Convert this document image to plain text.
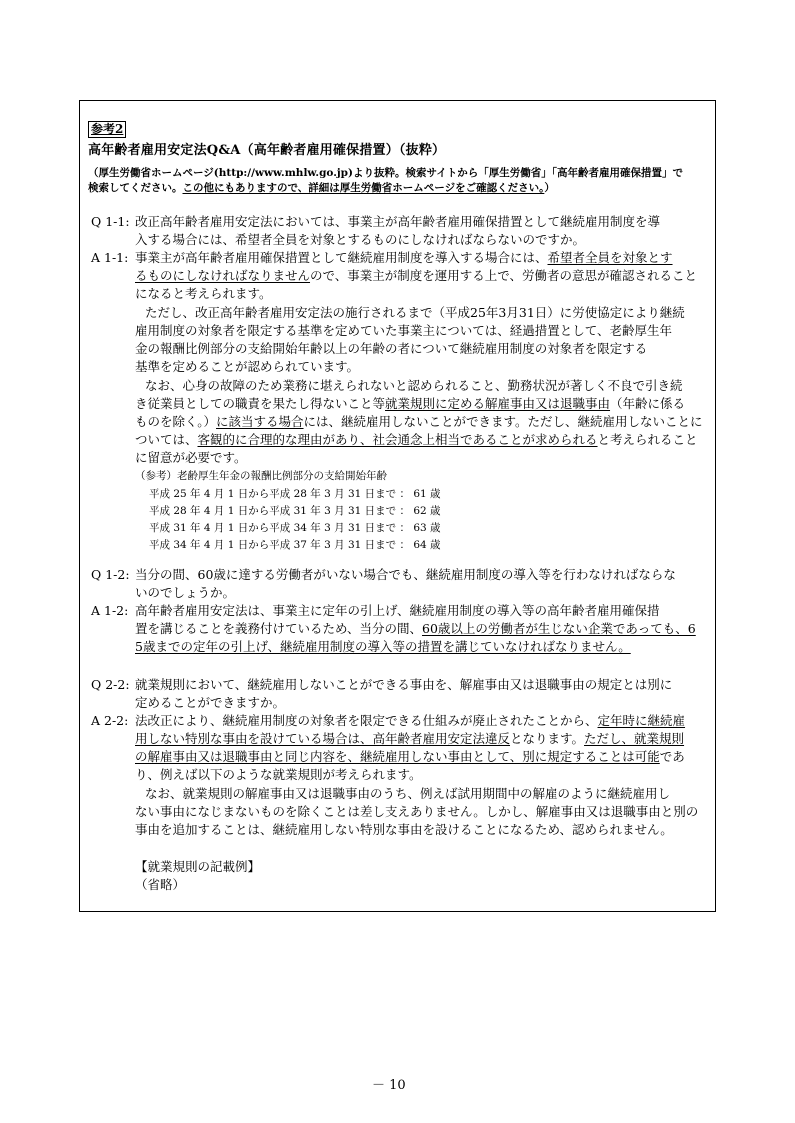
参考2
高年齢者雇用安定法Q&A（高年齢者雇用確保措置）（抜粋）
（厚生労働省ホームページ(http://www.mhlw.go.jp)より抜粋。検索サイトから「厚生労働省」「高年齢者雇用確保措置」で
検索してください。この他にもありますので、詳細は厚生労働省ホームページをご確認ください。）
Q 1-1: 改正高年齢者雇用安定法においては、事業主が高年齢者雇用確保措置として継続雇用制度を導
入する場合には、希望者全員を対象とするものにしなければならないのですか。
A 1-1: 事業主が高年齢者雇用確保措置として継続雇用制度を導入する場合には、希望者全員を対象とす
るものにしなければなりませんので、事業主が制度を運用する上で、労働者の意思が確認されること
になると考えられます。
ただし、改正高年齢者雇用安定法の施行されるまで（平成25年3月31日）に労使協定により継続
雇用制度の対象者を限定する基準を定めていた事業主については、経過措置として、老齢厚生年
金の報酬比例部分の支給開始年齢以上の年齢の者について継続雇用制度の対象者を限定する
基準を定めることが認められています。
なお、心身の故障のため業務に堪えられないと認められること、勤務状況が著しく不良で引き続
き従業員としての職責を果たし得ないこと等就業規則に定める解雇事由又は退職事由（年齢に係る
ものを除く。）に該当する場合には、継続雇用しないことができます。ただし、継続雇用しないことに
ついては、客観的に合理的な理由があり、社会通念上相当であることが求められると考えられること
に留意が必要です。
（参考）老齢厚生年金の報酬比例部分の支給開始年齢
平成 25 年 4 月 1 日から平成 28 年 3 月 31 日まで ： 61 歳
平成 28 年 4 月 1 日から平成 31 年 3 月 31 日まで ： 62 歳
平成 31 年 4 月 1 日から平成 34 年 3 月 31 日まで ： 63 歳
平成 34 年 4 月 1 日から平成 37 年 3 月 31 日まで ： 64 歳
Q 1-2: 当分の間、60歳に達する労働者がいない場合でも、継続雇用制度の導入等を行わなければならな
いのでしょうか。
A 1-2: 高年齢者雇用安定法は、事業主に定年の引上げ、継続雇用制度の導入等の高年齢者雇用確保措
置を講じることを義務付けているため、当分の間、60歳以上の労働者が生じない企業であっても、6
5歳までの定年の引上げ、継続雇用制度の導入等の措置を講じていなければなりません。
Q 2-2: 就業規則において、継続雇用しないことができる事由を、解雇事由又は退職事由の規定とは別に
定めることができますか。
A 2-2: 法改正により、継続雇用制度の対象者を限定できる仕組みが廃止されたことから、定年時に継続雇
用しない特別な事由を設けている場合は、高年齢者雇用安定法違反となります。ただし、就業規則
の解雇事由又は退職事由と同じ内容を、継続雇用しない事由として、別に規定することは可能であ
り、例えば以下のような就業規則が考えられます。
なお、就業規則の解雇事由又は退職事由のうち、例えば試用期間中の解雇のように継続雇用し
ない事由になじまないものを除くことは差し支えありません。しかし、解雇事由又は退職事由と別の
事由を追加することは、継続雇用しない特別な事由を設けることになるため、認められません。
【就業規則の記載例】
（省略）
－ 10
